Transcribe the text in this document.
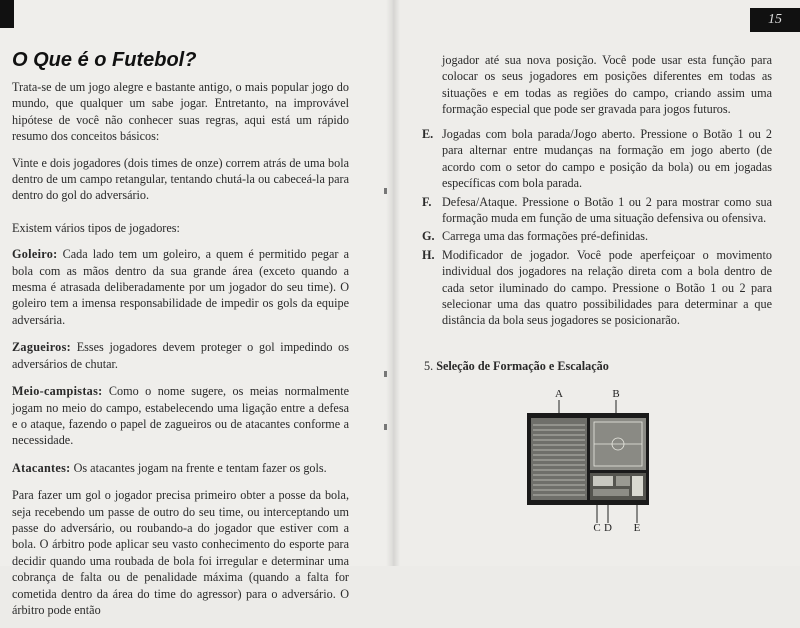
O Que é o Futebol?

Trata-se de um jogo alegre e bastante antigo, o mais popular jogo do mundo, que qualquer um sabe jogar. Entretanto, na improvável hipótese de você não conhecer suas regras, aqui está um rápido resumo dos conceitos básicos:

Vinte e dois jogadores (dois times de onze) correm atrás de uma bola dentro de um campo retangular, tentando chutá-la ou cabeceá-la para dentro do gol do adversário.

Existem vários tipos de jogadores:

Goleiro: Cada lado tem um goleiro, a quem é permitido pegar a bola com as mãos dentro da sua grande área (exceto quando a mesma é atrasada deliberadamente por um jogador do seu time). O goleiro tem a imensa responsabilidade de impedir os gols da equipe adversária.

Zagueiros: Esses jogadores devem proteger o gol impedindo os adversários de chutar.

Meio-campistas: Como o nome sugere, os meias normalmente jogam no meio do campo, estabelecendo uma ligação entre a defesa e o ataque, fazendo o papel de zagueiros ou de atacantes conforme a necessidade.

Atacantes: Os atacantes jogam na frente e tentam fazer os gols.

Para fazer um gol o jogador precisa primeiro obter a posse da bola, seja recebendo um passe de outro do seu time, ou interceptando um passe do adversário, ou roubando-a do jogador que estiver com a bola. O árbitro pode aplicar seu vasto conhecimento do esporte para decidir quando uma roubada de bola foi irregular e determinar uma cobrança de falta ou de penalidade máxima (quando a falta for cometida dentro da área do time do agressor) para o adversário. O árbitro pode então

15

jogador até sua nova posição. Você pode usar esta função para colocar os seus jogadores em posições diferentes em todas as situações e em todas as regiões do campo, criando assim uma formação especial que pode ser gravada para jogos futuros.

E. Jogadas com bola parada/Jogo aberto. Pressione o Botão 1 ou 2 para alternar entre mudanças na formação em jogo aberto (de acordo com o setor do campo e posição da bola) ou em jogadas específicas com bola parada.
F. Defesa/Ataque. Pressione o Botão 1 ou 2 para mostrar como sua formação muda em função de uma situação defensiva ou ofensiva.
G. Carrega uma das formações pré-definidas.
H. Modificador de jogador. Você pode aperfeiçoar o movimento individual dos jogadores na relação direta com a bola dentro de cada setor iluminado do campo. Pressione o Botão 1 ou 2 para selecionar uma das quatro possibilidades para determinar a que distância da bola seus jogadores se posicionarão.
5. Seleção de Formação e Escalação
A	B
C D E
